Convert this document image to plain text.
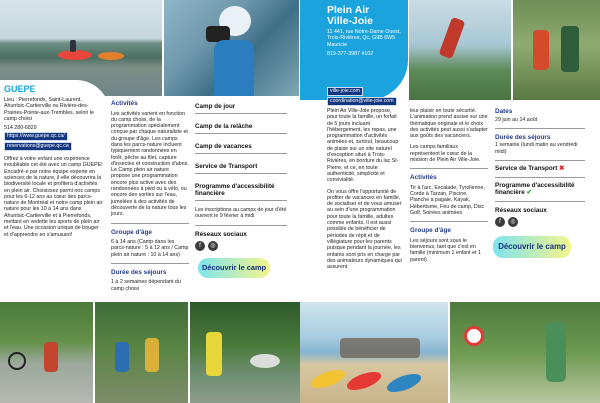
GUEPE
Lieu : Pierrefonds, Saint-Laurent, Ahuntsic-Cartierville ou Rivière-des-Prairies-Pointe-aux-Trembles, selon le camp choisi
514 280-6829
https://www.guepe.qc.ca/
reservations@guepe.qc.ca

Offrez à votre enfant une expérience inoubliable cet été avec un camp GUEPE! Encadré·e par notre équipe experte en sciences de la nature, il·elle découvrira la biodiversité locale et profitera d'activités en plein air. Choisissez parmi nos camps pour les 6-12 ans au cœur des parcs-nature de Montréal et notre camp plein air nature pour les 10 à 14 ans dans Ahuntsic-Cartierville et à Pierrefonds, mettant en vedette les sports de plein air et l'eau. Une occasion unique de bouger et d'apprendre en s'amusant!

Activités

Les activités varient en fonction du camp choisi, de la programmation spécialement conçue par chaque naturaliste et du groupe d'âge. Les camps dans les parcs-nature incluent typiquement randonnées en forêt, pêche au filet, capture d'insectes et construction d'abris. Le Camp plein air nature propose une programmation encore plus active avec des randonnées à pied ou à vélo, ou encore des sorties sur l'eau, jumelées à des activités de découverte de la nature tous les jours.

Groupe d'âge

6 à 14 ans (Camp dans les parcs-nature : 5 à 12 ans / Camp plein air nature : 10 à 14 ans)

Durée des séjours

1 à 2 semaines dépendant du camp choisi

Camp de jour
Camp de la relâche
Camp de vacances
Service de Transport
Programme d'accessibilité financière

Les inscriptions au camps de jour d'été ouvrent le 9 février à midi

Réseaux sociaux
f ◎
Découvrir le camp
Plein Air
Ville-Joie
11 441, rue Notre-Dame Ouest, Trois-Rivières, Qc, G9B 6W5 Mauricie
819-377-3987 #102
ville-joie.com
coordination@ville-joie.com

Plein Air Ville-Joie propose, pour toute la famille, un forfait de 5 jours incluant l'hébergement, les repas, une programmation d'activités animées et, surtout, beaucoup de plaisir sur un site naturel d'exception situé à Trois-Rivières, en bordure du lac St-Pierre, et ce, en toute authenticité, simplicité et convivialité.

On vous offre l'opportunité de profiter de vacances en famille, de socialiser et de vous amuser au sein d'une programmation pour toute la famille, adultes comme enfants. Il est aussi possible de bénéficier de périodes de répit et de villégiature pour les parents puisque pendant la journée, les enfants sont pris en charge par des animateurs dynamiques qui assurent

leur plaisir en toute sécurité. L'animation prend assise sur une thématique originale et le choix des activités peut aussi s'adapter aux goûts des vacanciers.

Les camps familiaux représentent le cœur de la mission de Plein Air Ville-Joie.

Activités

Tir à l'arc, Escalade, Tyrolienne, Corde à Tarzan, Piscine, Planche à pagaie, Kayak, Hébertisme, Feu de camp, Disc Golf, Soirées animées

Groupe d'âge

Les séjours sont sous le bienvenus, tant que c'est en famille (minimum 1 enfant et 1 parent)

Dates

29 juin au 14 août

Durée des séjours

1 semaine (lundi matin au vendredi midi)

Service de Transport ✖
Programme d'accessibilité financière ✔
Réseaux sociaux
f ◎
Découvrir le camp
